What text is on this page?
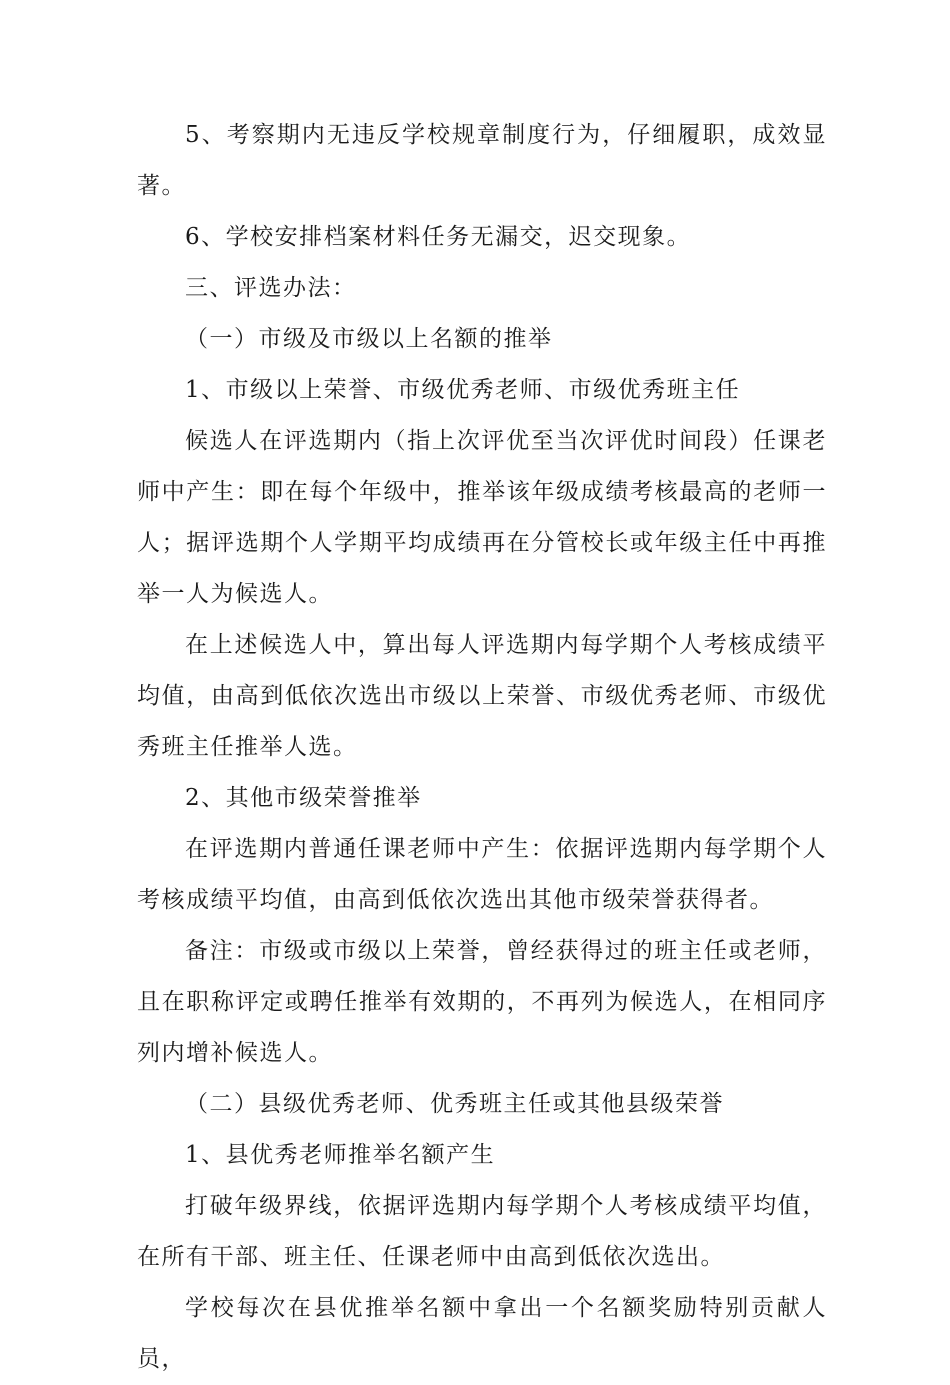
5、考察期内无违反学校规章制度行为，仔细履职，成效显著。

6、学校安排档案材料任务无漏交，迟交现象。

三、评选办法：

（一）市级及市级以上名额的推举

1、市级以上荣誉、市级优秀老师、市级优秀班主任

候选人在评选期内（指上次评优至当次评优时间段）任课老师中产生：即在每个年级中，推举该年级成绩考核最高的老师一人；据评选期个人学期平均成绩再在分管校长或年级主任中再推举一人为候选人。

在上述候选人中，算出每人评选期内每学期个人考核成绩平均值，由高到低依次选出市级以上荣誉、市级优秀老师、市级优秀班主任推举人选。

2、其他市级荣誉推举

在评选期内普通任课老师中产生：依据评选期内每学期个人考核成绩平均值，由高到低依次选出其他市级荣誉获得者。

备注：市级或市级以上荣誉，曾经获得过的班主任或老师，且在职称评定或聘任推举有效期的，不再列为候选人，在相同序列内增补候选人。

（二）县级优秀老师、优秀班主任或其他县级荣誉

1、县优秀老师推举名额产生

打破年级界线，依据评选期内每学期个人考核成绩平均值，在所有干部、班主任、任课老师中由高到低依次选出。

学校每次在县优推举名额中拿出一个名额奖励特别贡献人员，
